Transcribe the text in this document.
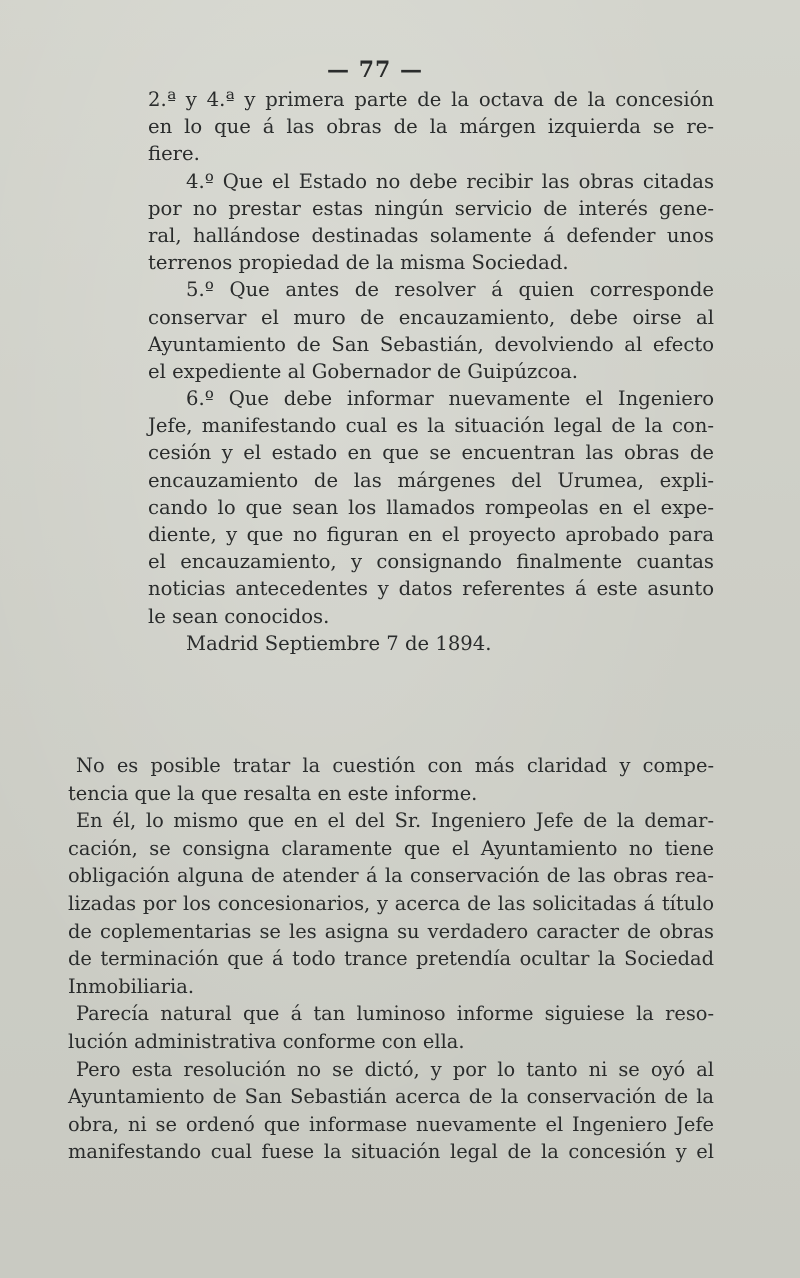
— 77 —
2.ª y 4.ª y primera parte de la octava de la concesión
en lo que á las obras de la márgen izquierda se re-
fiere.
4.º Que el Estado no debe recibir las obras citadas
por no prestar estas ningún servicio de interés gene-
ral, hallándose destinadas solamente á defender unos
terrenos propiedad de la misma Sociedad.
5.º Que antes de resolver á quien corresponde
conservar el muro de encauzamiento, debe oirse al
Ayuntamiento de San Sebastián, devolviendo al efecto
el expediente al Gobernador de Guipúzcoa.
6.º Que debe informar nuevamente el Ingeniero
Jefe, manifestando cual es la situación legal de la con-
cesión y el estado en que se encuentran las obras de
encauzamiento de las márgenes del Urumea, expli-
cando lo que sean los llamados rompeolas en el expe-
diente, y que no figuran en el proyecto aprobado para
el encauzamiento, y consignando finalmente cuantas
noticias antecedentes y datos referentes á este asunto
le sean conocidos.
Madrid Septiembre 7 de 1894.
No es posible tratar la cuestión con más claridad y compe-
tencia que la que resalta en este informe.
En él, lo mismo que en el del Sr. Ingeniero Jefe de la demar-
cación, se consigna claramente que el Ayuntamiento no tiene
obligación alguna de atender á la conservación de las obras rea-
lizadas por los concesionarios, y acerca de las solicitadas á título
de coplementarias se les asigna su verdadero caracter de obras
de terminación que á todo trance pretendía ocultar la Sociedad
Inmobiliaria.
Parecía natural que á tan luminoso informe siguiese la reso-
lución administrativa conforme con ella.
Pero esta resolución no se dictó, y por lo tanto ni se oyó al
Ayuntamiento de San Sebastián acerca de la conservación de la
obra, ni se ordenó que informase nuevamente el Ingeniero Jefe
manifestando cual fuese la situación legal de la concesión y el
